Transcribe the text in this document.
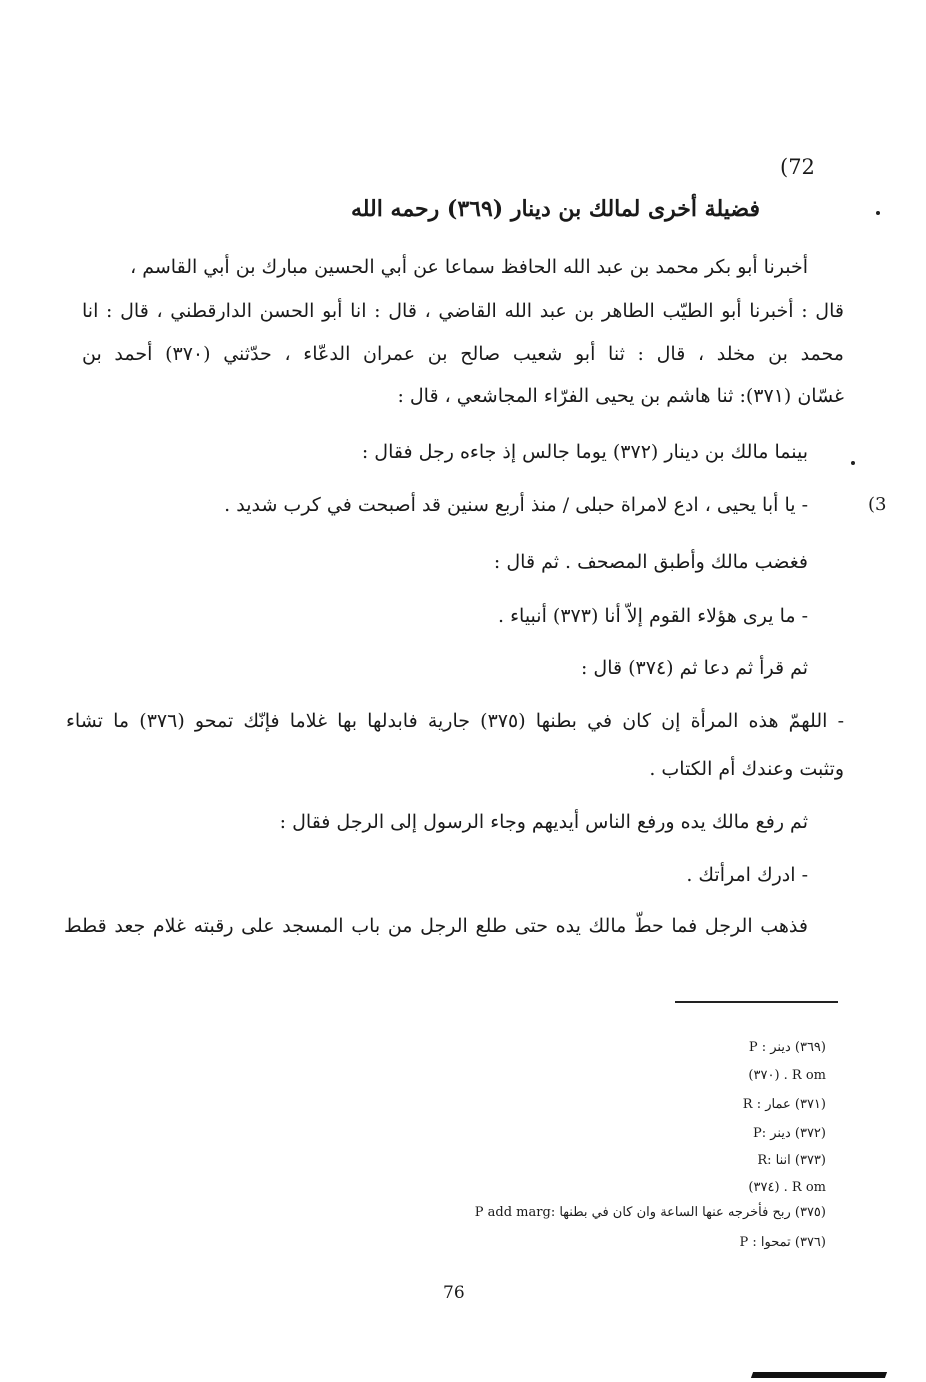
(72
فضيلة أخرى لمالك بن دينار (٣٦٩) رحمه الله
أخبرنا أبو بكر محمد بن عبد الله الحافظ سماعا عن أبي الحسين مبارك بن أبي القاسم ،
قال : أخبرنا أبو الطيّب الطاهر بن عبد الله القاضي ، قال : انا أبو الحسن الدارقطني ، قال : انا
محمد بن مخلد ، قال : ثنا أبو شعيب صالح بن عمران الدعّاء ، حدّثني (٣٧٠) أحمد بن
غسّان (٣٧١): ثنا هاشم بن يحيى الفرّاء المجاشعي ، قال :
بينما مالك بن دينار (٣٧٢) يوما جالس إذ جاءه رجل فقال :
(3
- يا أبا يحيى ، ادع لامراة حبلى / منذ أربع سنين قد أصبحت في كرب شديد .
فغضب مالك وأطبق المصحف . ثم قال :
- ما يرى هؤلاء القوم إلاّ أنا (٣٧٣) أنبياء .
ثم قرأ ثم دعا ثم (٣٧٤) قال :
- اللهمّ هذه المرأة إن كان في بطنها (٣٧٥) جارية فابدلها بها غلاما فإنّك تمحو (٣٧٦) ما تشاء
وتثبت وعندك أم الكتاب .
ثم رفع مالك يده ورفع الناس أيديهم وجاء الرسول إلى الرجل فقال :
- ادرك امرأتك .
فذهب الرجل فما حطّ مالك يده حتى طلع الرجل من باب المسجد على رقبته غلام جعد قطط
(٣٦٩) دينر : P
(٣٧٠) . R om
(٣٧١) عمار : R
(٣٧٢) دينر :P
(٣٧٣) اننا :R
(٣٧٤) . R om
(٣٧٥) ربح فأخرجه عنها الساعة وان كان في بطنها :P add marg
(٣٧٦) تمحوا : P
76
